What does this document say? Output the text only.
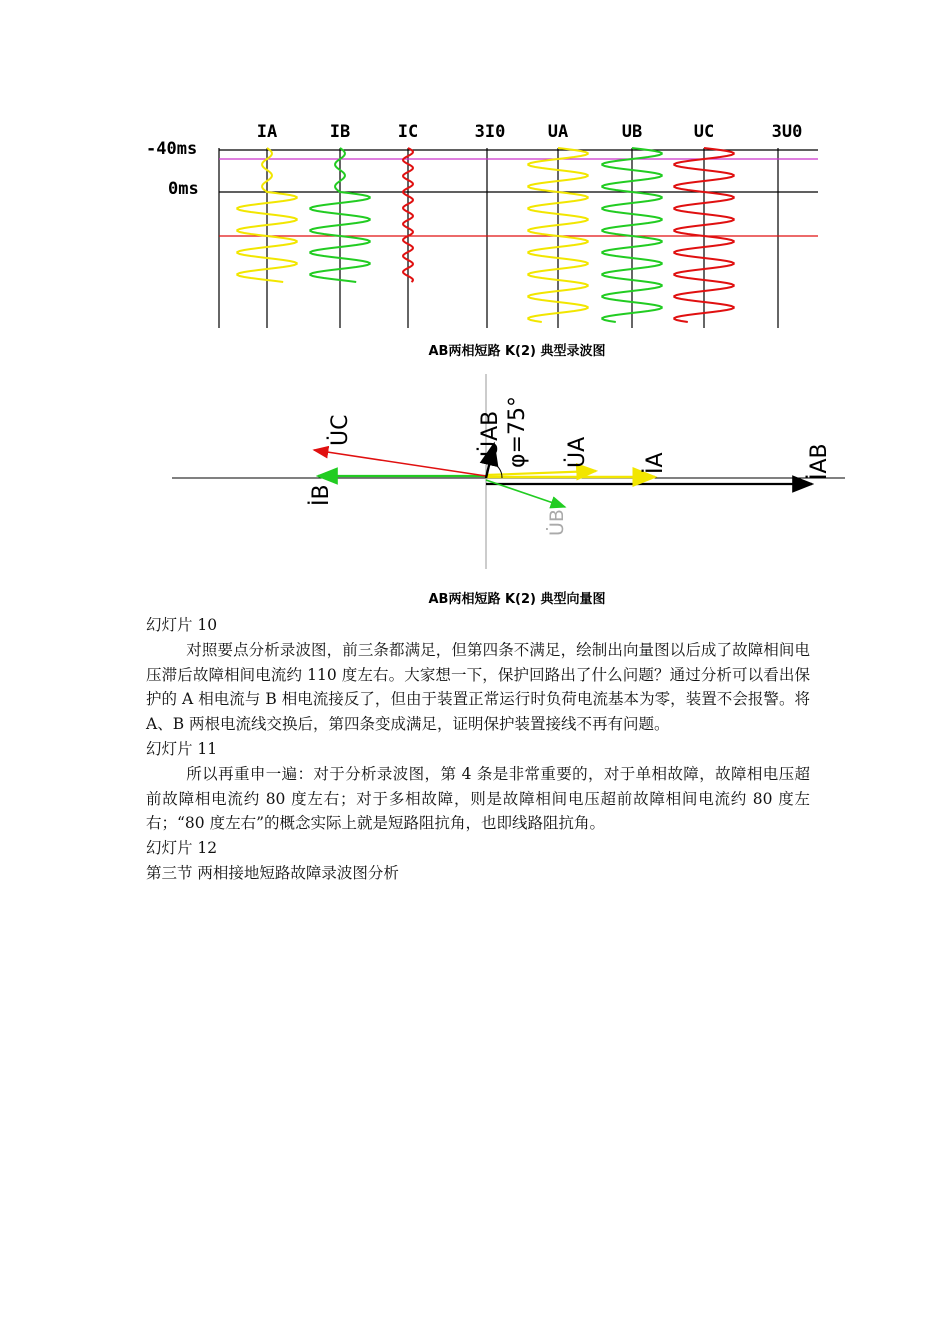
IA	IB	IC	3I0 UA	UB	UC	3U0
-40ms
0ms
AB两相短路 K(2) 典型录波图
U̇C
İB
İAB
U̇A İA
U̇B
U̇AB φ=75°
AB两相短路 K(2) 典型向量图

幻灯片 10

对照要点分析录波图，前三条都满足，但第四条不满足，绘制出向量图以后成了故障相间电压滞后故障相间电流约 110 度左右。大家想一下，保护回路出了什么问题？通过分析可以看出保护的 A 相电流与 B 相电流接反了，但由于装置正常运行时负荷电流基本为零，装置不会报警。将 A、B 两根电流线交换后，第四条变成满足，证明保护装置接线不再有问题。

幻灯片 11

所以再重申一遍：对于分析录波图，第 4 条是非常重要的，对于单相故障，故障相电压超前故障相电流约 80 度左右；对于多相故障，则是故障相间电压超前故障相间电流约 80 度左右；“80 度左右”的概念实际上就是短路阻抗角，也即线路阻抗角。

幻灯片 12

第三节 两相接地短路故障录波图分析
